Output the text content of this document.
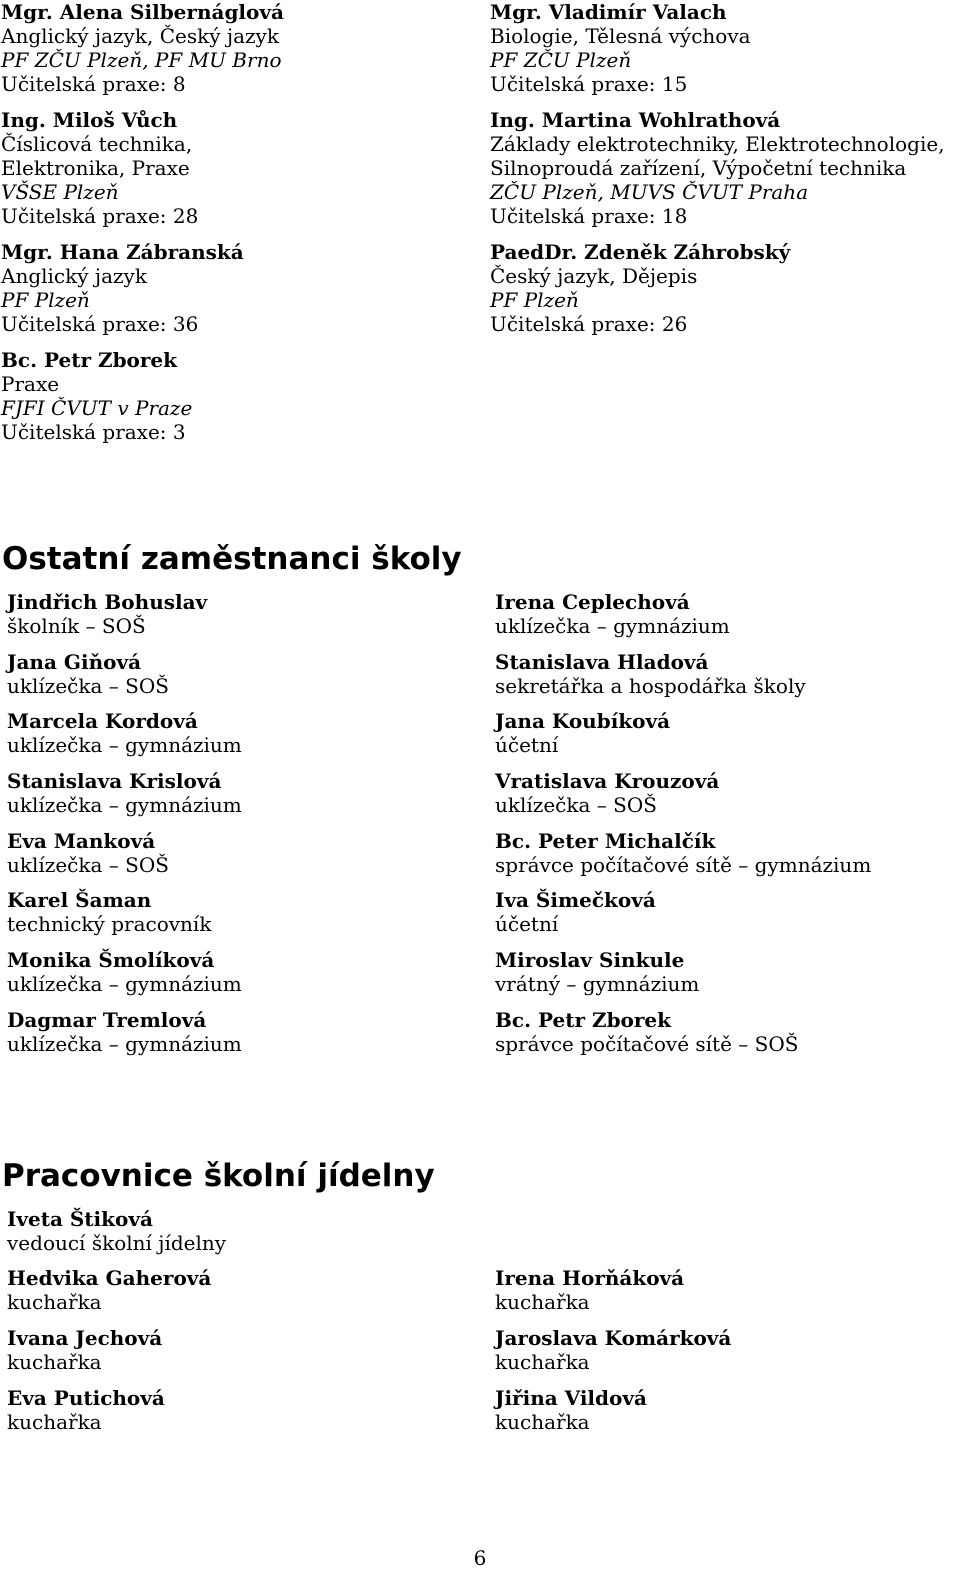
Mgr. Alena Silbernáglová
Anglický jazyk, Český jazyk
PF ZČU Plzeň, PF MU Brno
Učitelská praxe: 8
Mgr. Vladimír Valach
Biologie, Tělesná výchova
PF ZČU Plzeň
Učitelská praxe: 15
Ing. Miloš Vůch
Číslicová technika,
Elektronika, Praxe
VŠSE Plzeň
Učitelská praxe: 28
Ing. Martina Wohlrathová
Základy elektrotechniky, Elektrotechnologie,
Silnoproudá zařízení, Výpočetní technika
ZČU Plzeň, MUVS ČVUT Praha
Učitelská praxe: 18
Mgr. Hana Zábranská
Anglický jazyk
PF Plzeň
Učitelská praxe: 36
PaedDr. Zdeněk Záhrobský
Český jazyk, Dějepis
PF Plzeň
Učitelská praxe: 26
Bc. Petr Zborek
Praxe
FJFI ČVUT v Praze
Učitelská praxe: 3
Ostatní zaměstnanci školy
Jindřich Bohuslav
školník – SOŠ
Irena Ceplechová
uklízečka – gymnázium
Jana Giňová
uklízečka – SOŠ
Stanislava Hladová
sekretářka a hospodářka školy
Marcela Kordová
uklízečka – gymnázium
Jana Koubíková
účetní
Stanislava Krislová
uklízečka – gymnázium
Vratislava Krouzová
uklízečka – SOŠ
Eva Manková
uklízečka – SOŠ
Bc. Peter Michalčík
správce počítačové sítě – gymnázium
Karel Šaman
technický pracovník
Iva Šimečková
účetní
Monika Šmolíková
uklízečka – gymnázium
Miroslav Sinkule
vrátný – gymnázium
Dagmar Tremlová
uklízečka – gymnázium
Bc. Petr Zborek
správce počítačové sítě – SOŠ
Pracovnice školní jídelny
Iveta Štiková
vedoucí školní jídelny
Hedvika Gaherová
kuchařka
Irena Horňáková
kuchařka
Ivana Jechová
kuchařka
Jaroslava Komárková
kuchařka
Eva Putichová
kuchařka
Jiřina Vildová
kuchařka
6
